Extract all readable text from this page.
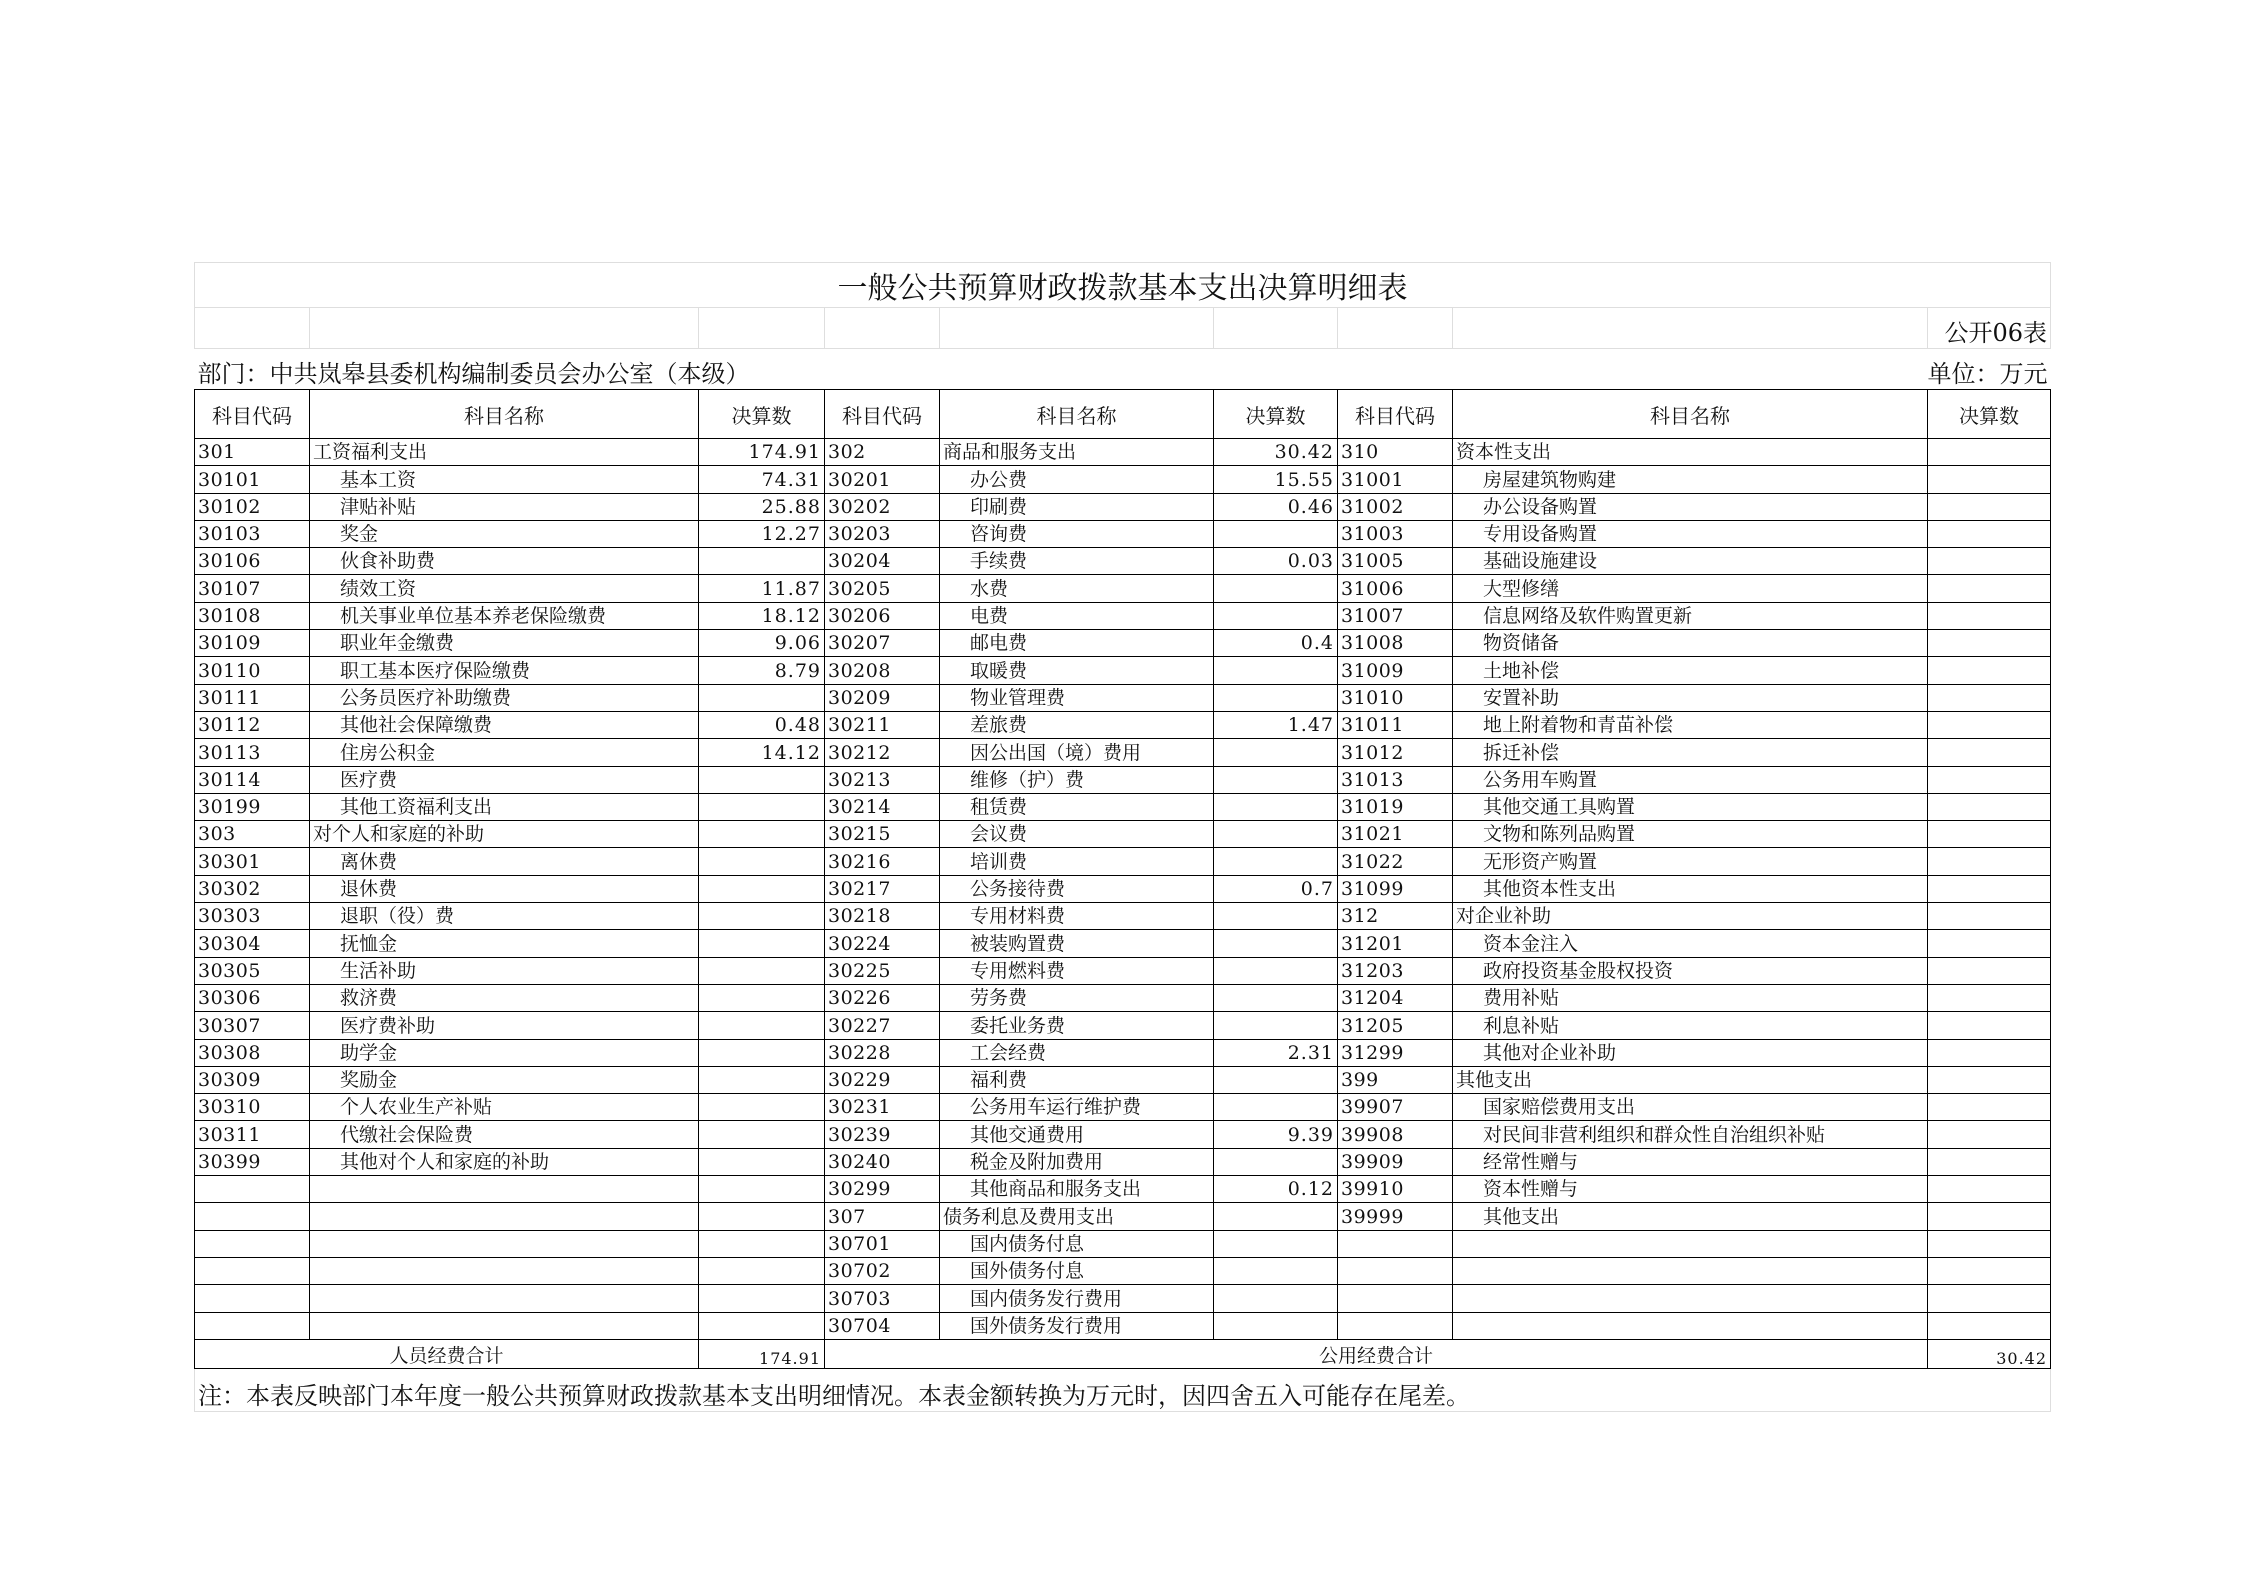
一般公共预算财政拨款基本支出决算明细表								
								公开06表
部门：中共岚皋县委机构编制委员会办公室（本级）							单位：万元	
科目代码	科目名称	决算数	科目代码	科目名称	决算数	科目代码	科目名称	决算数
301	工资福利支出	174.91	302	商品和服务支出	30.42	310	资本性支出	
30101	基本工资	74.31	30201	办公费	15.55	31001	房屋建筑物购建	
30102	津贴补贴	25.88	30202	印刷费	0.46	31002	办公设备购置	
30103	奖金	12.27	30203	咨询费		31003	专用设备购置	
30106	伙食补助费		30204	手续费	0.03	31005	基础设施建设	
30107	绩效工资	11.87	30205	水费		31006	大型修缮	
30108	机关事业单位基本养老保险缴费	18.12	30206	电费		31007	信息网络及软件购置更新	
30109	职业年金缴费	9.06	30207	邮电费	0.4	31008	物资储备	
30110	职工基本医疗保险缴费	8.79	30208	取暖费		31009	土地补偿	
30111	公务员医疗补助缴费		30209	物业管理费		31010	安置补助	
30112	其他社会保障缴费	0.48	30211	差旅费	1.47	31011	地上附着物和青苗补偿	
30113	住房公积金	14.12	30212	因公出国（境）费用		31012	拆迁补偿	
30114	医疗费		30213	维修（护）费		31013	公务用车购置	
30199	其他工资福利支出		30214	租赁费		31019	其他交通工具购置	
303	对个人和家庭的补助		30215	会议费		31021	文物和陈列品购置	
30301	离休费		30216	培训费		31022	无形资产购置	
30302	退休费		30217	公务接待费	0.7	31099	其他资本性支出	
30303	退职（役）费		30218	专用材料费		312	对企业补助	
30304	抚恤金		30224	被装购置费		31201	资本金注入	
30305	生活补助		30225	专用燃料费		31203	政府投资基金股权投资	
30306	救济费		30226	劳务费		31204	费用补贴	
30307	医疗费补助		30227	委托业务费		31205	利息补贴	
30308	助学金		30228	工会经费	2.31	31299	其他对企业补助	
30309	奖励金		30229	福利费		399	其他支出	
30310	个人农业生产补贴		30231	公务用车运行维护费		39907	国家赔偿费用支出	
30311	代缴社会保险费		30239	其他交通费用	9.39	39908	对民间非营利组织和群众性自治组织补贴	
30399	其他对个人和家庭的补助		30240	税金及附加费用		39909	经常性赠与	
			30299	其他商品和服务支出	0.12	39910	资本性赠与	
			307	债务利息及费用支出		39999	其他支出	
			30701	国内债务付息				
			30702	国外债务付息				
			30703	国内债务发行费用				
			30704	国外债务发行费用				
人员经费合计		174.91	公用经费合计					30.42
注：本表反映部门本年度一般公共预算财政拨款基本支出明细情况。本表金额转换为万元时，因四舍五入可能存在尾差。								
